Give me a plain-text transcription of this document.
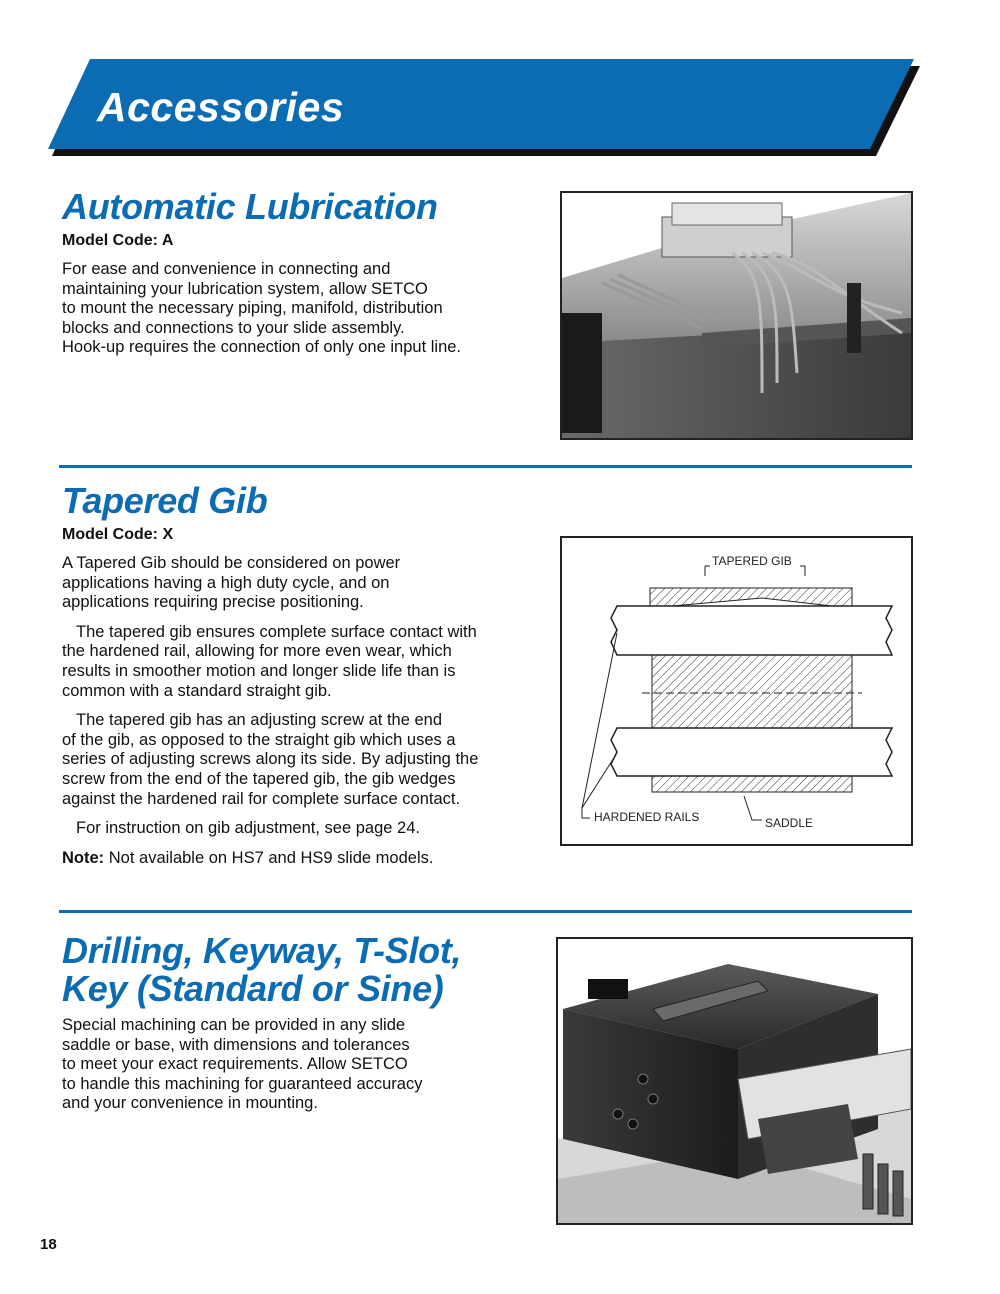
Accessories
Automatic Lubrication

Model Code: A

For ease and convenience in connecting and
maintaining your lubrication system, allow SETCO
to mount the necessary piping, manifold, distribution
blocks and connections to your slide assembly.
Hook-up requires the connection of only one input line.

Tapered Gib

Model Code: X

A Tapered Gib should be considered on power
applications having a high duty cycle, and on
applications requiring precise positioning.

The tapered gib ensures complete surface contact with
the hardened rail, allowing for more even wear, which
results in smoother motion and longer slide life than is
common with a standard straight gib.

The tapered gib has an adjusting screw at the end
of the gib, as opposed to the straight gib which uses a
series of adjusting screws along its side. By adjusting the
screw from the end of the tapered gib, the gib wedges
against the hardened rail for complete surface contact.

For instruction on gib adjustment, see page 24.

Note: Not available on HS7 and HS9 slide models.

TAPERED GIB
HARDENED RAILS	SADDLE
Drilling, Keyway, T-Slot,
Key (Standard or Sine)

Special machining can be provided in any slide
saddle or base, with dimensions and tolerances
to meet your exact requirements. Allow SETCO
to handle this machining for guaranteed accuracy
and your convenience in mounting.

18
